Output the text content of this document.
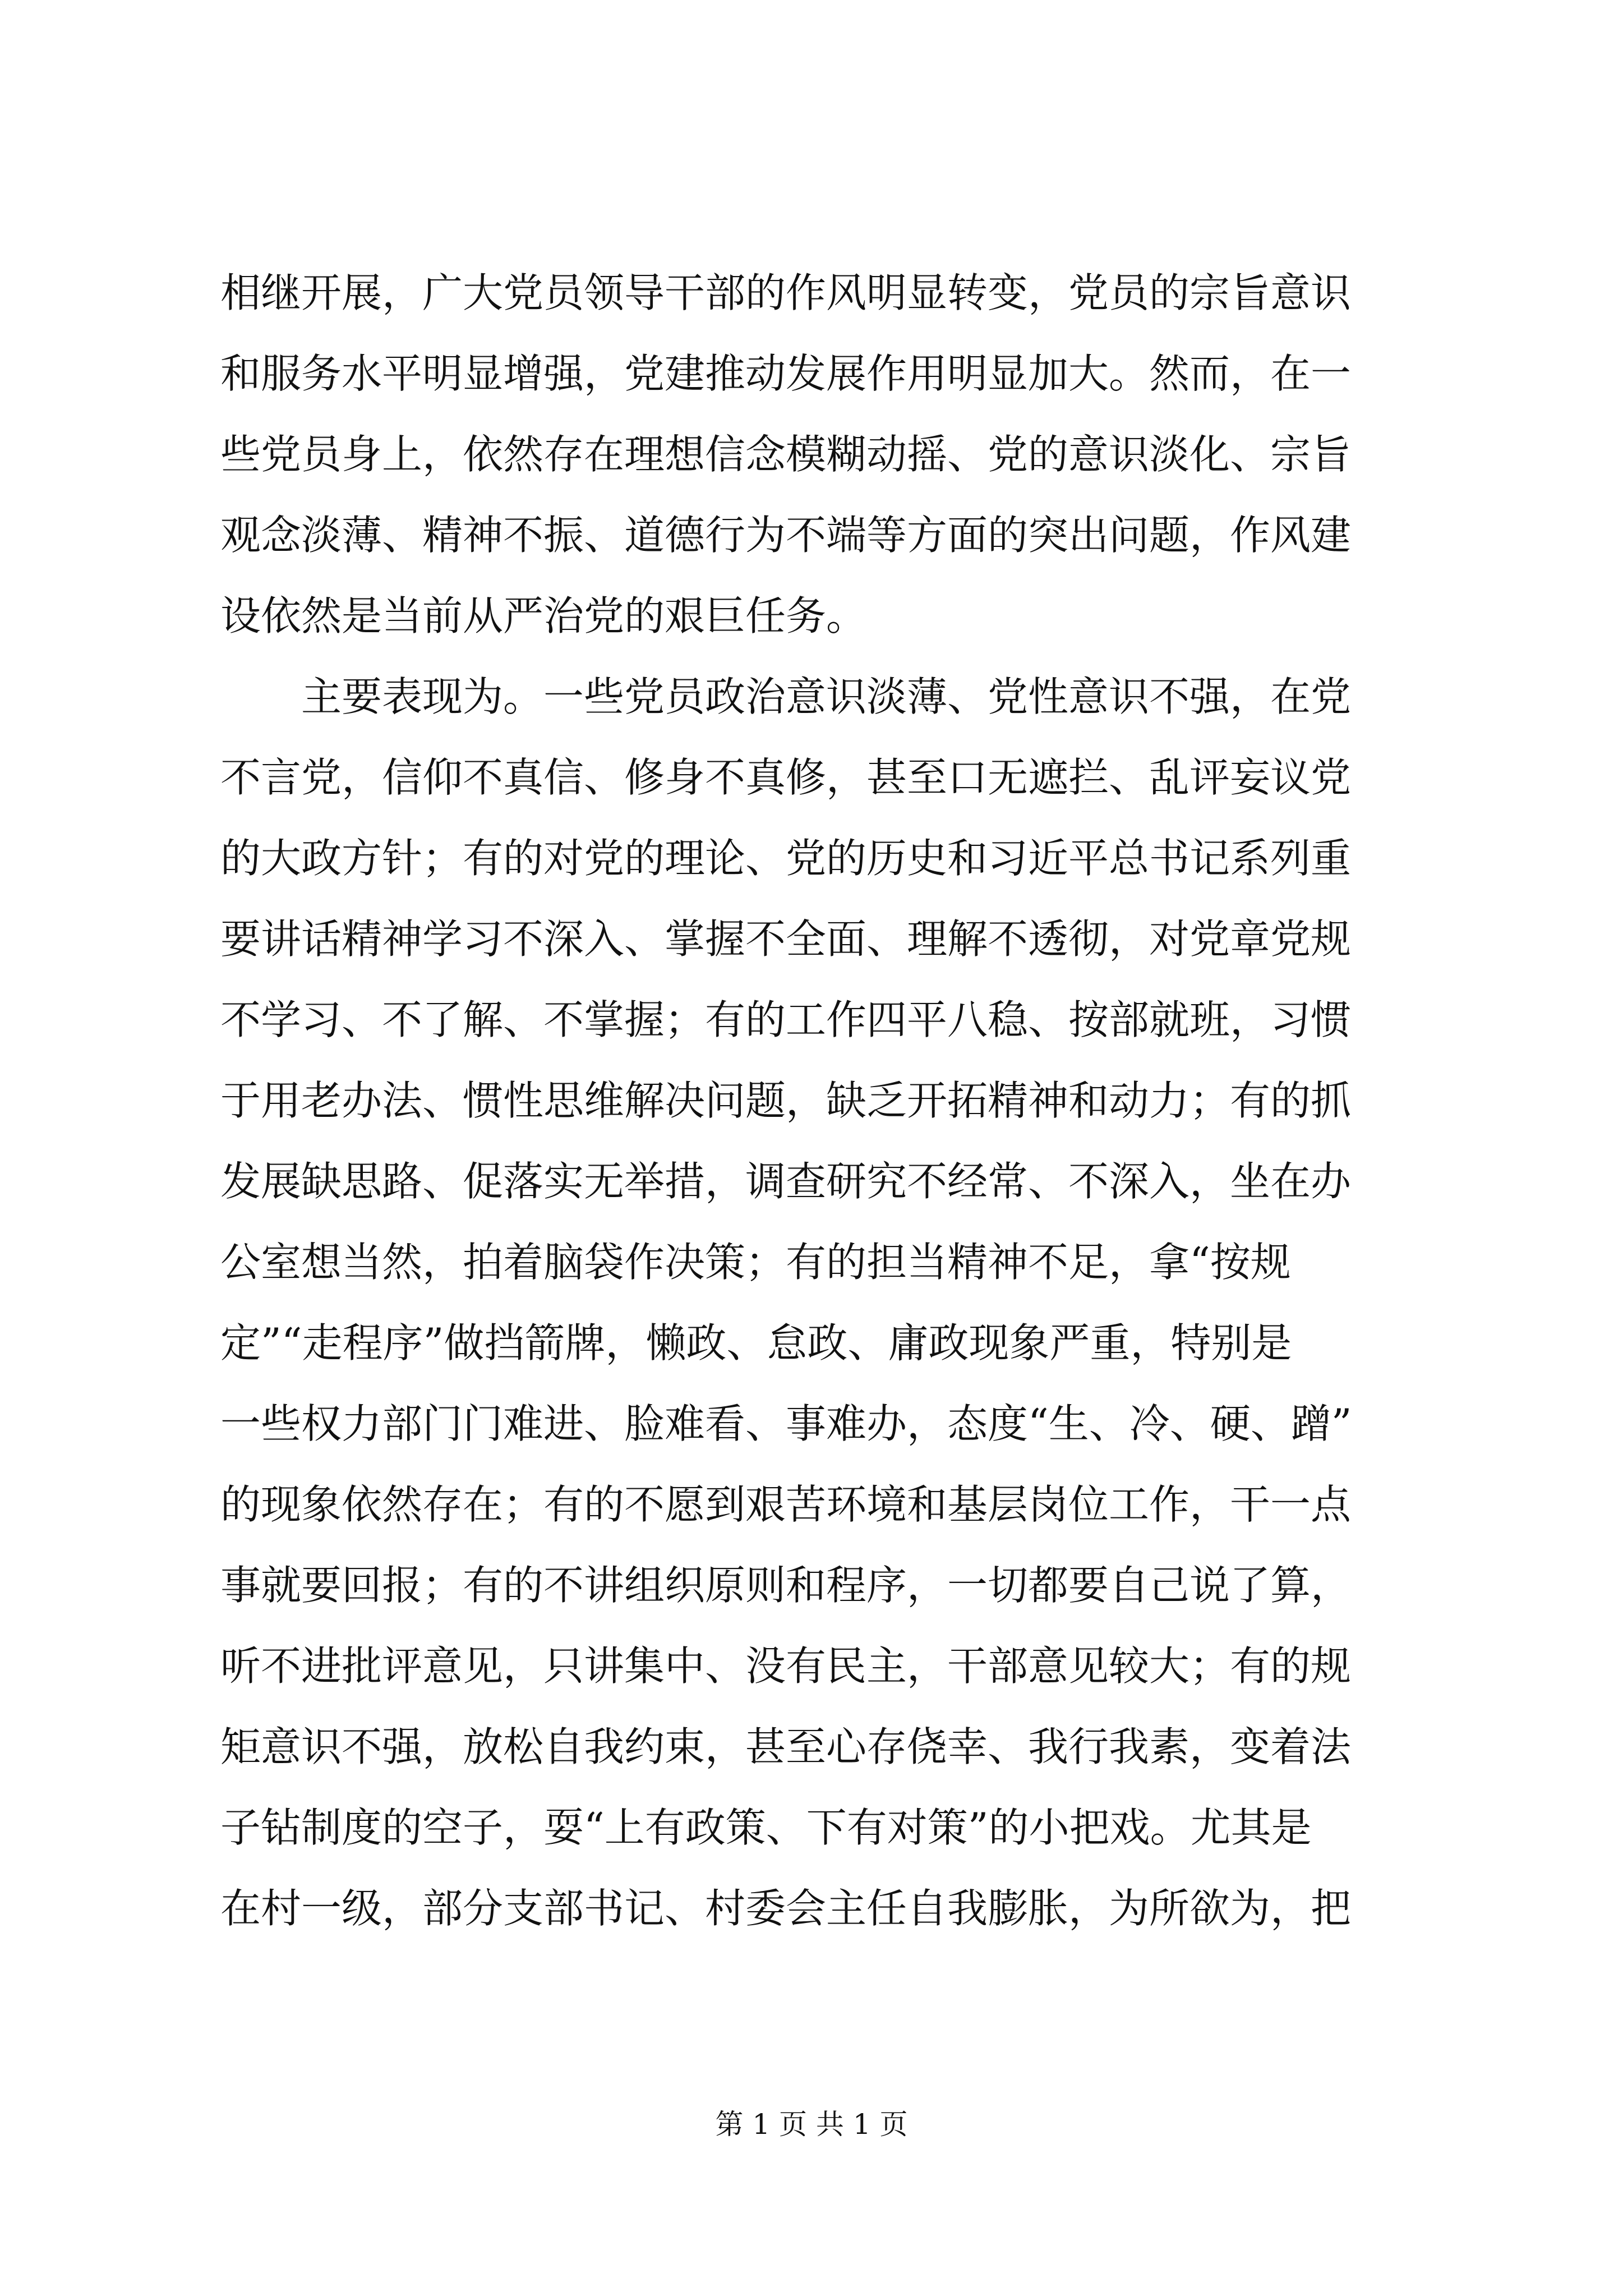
相继开展，广大党员领导干部的作风明显转变，党员的宗旨意识
和服务水平明显增强，党建推动发展作用明显加大。然而，在一
些党员身上，依然存在理想信念模糊动摇、党的意识淡化、宗旨
观念淡薄、精神不振、道德行为不端等方面的突出问题，作风建
设依然是当前从严治党的艰巨任务。
　　主要表现为。一些党员政治意识淡薄、党性意识不强，在党
不言党，信仰不真信、修身不真修，甚至口无遮拦、乱评妄议党
的大政方针；有的对党的理论、党的历史和习近平总书记系列重
要讲话精神学习不深入、掌握不全面、理解不透彻，对党章党规
不学习、不了解、不掌握；有的工作四平八稳、按部就班，习惯
于用老办法、惯性思维解决问题，缺乏开拓精神和动力；有的抓
发展缺思路、促落实无举措，调查研究不经常、不深入，坐在办
公室想当然，拍着脑袋作决策；有的担当精神不足，拿“按规
定”“走程序”做挡箭牌，懒政、怠政、庸政现象严重，特别是
一些权力部门门难进、脸难看、事难办，态度“生、冷、硬、蹭”
的现象依然存在；有的不愿到艰苦环境和基层岗位工作，干一点
事就要回报；有的不讲组织原则和程序，一切都要自己说了算，
听不进批评意见，只讲集中、没有民主，干部意见较大；有的规
矩意识不强，放松自我约束，甚至心存侥幸、我行我素，变着法
子钻制度的空子，耍“上有政策、下有对策”的小把戏。尤其是
在村一级，部分支部书记、村委会主任自我膨胀，为所欲为，把
第 1 页 共 1 页
